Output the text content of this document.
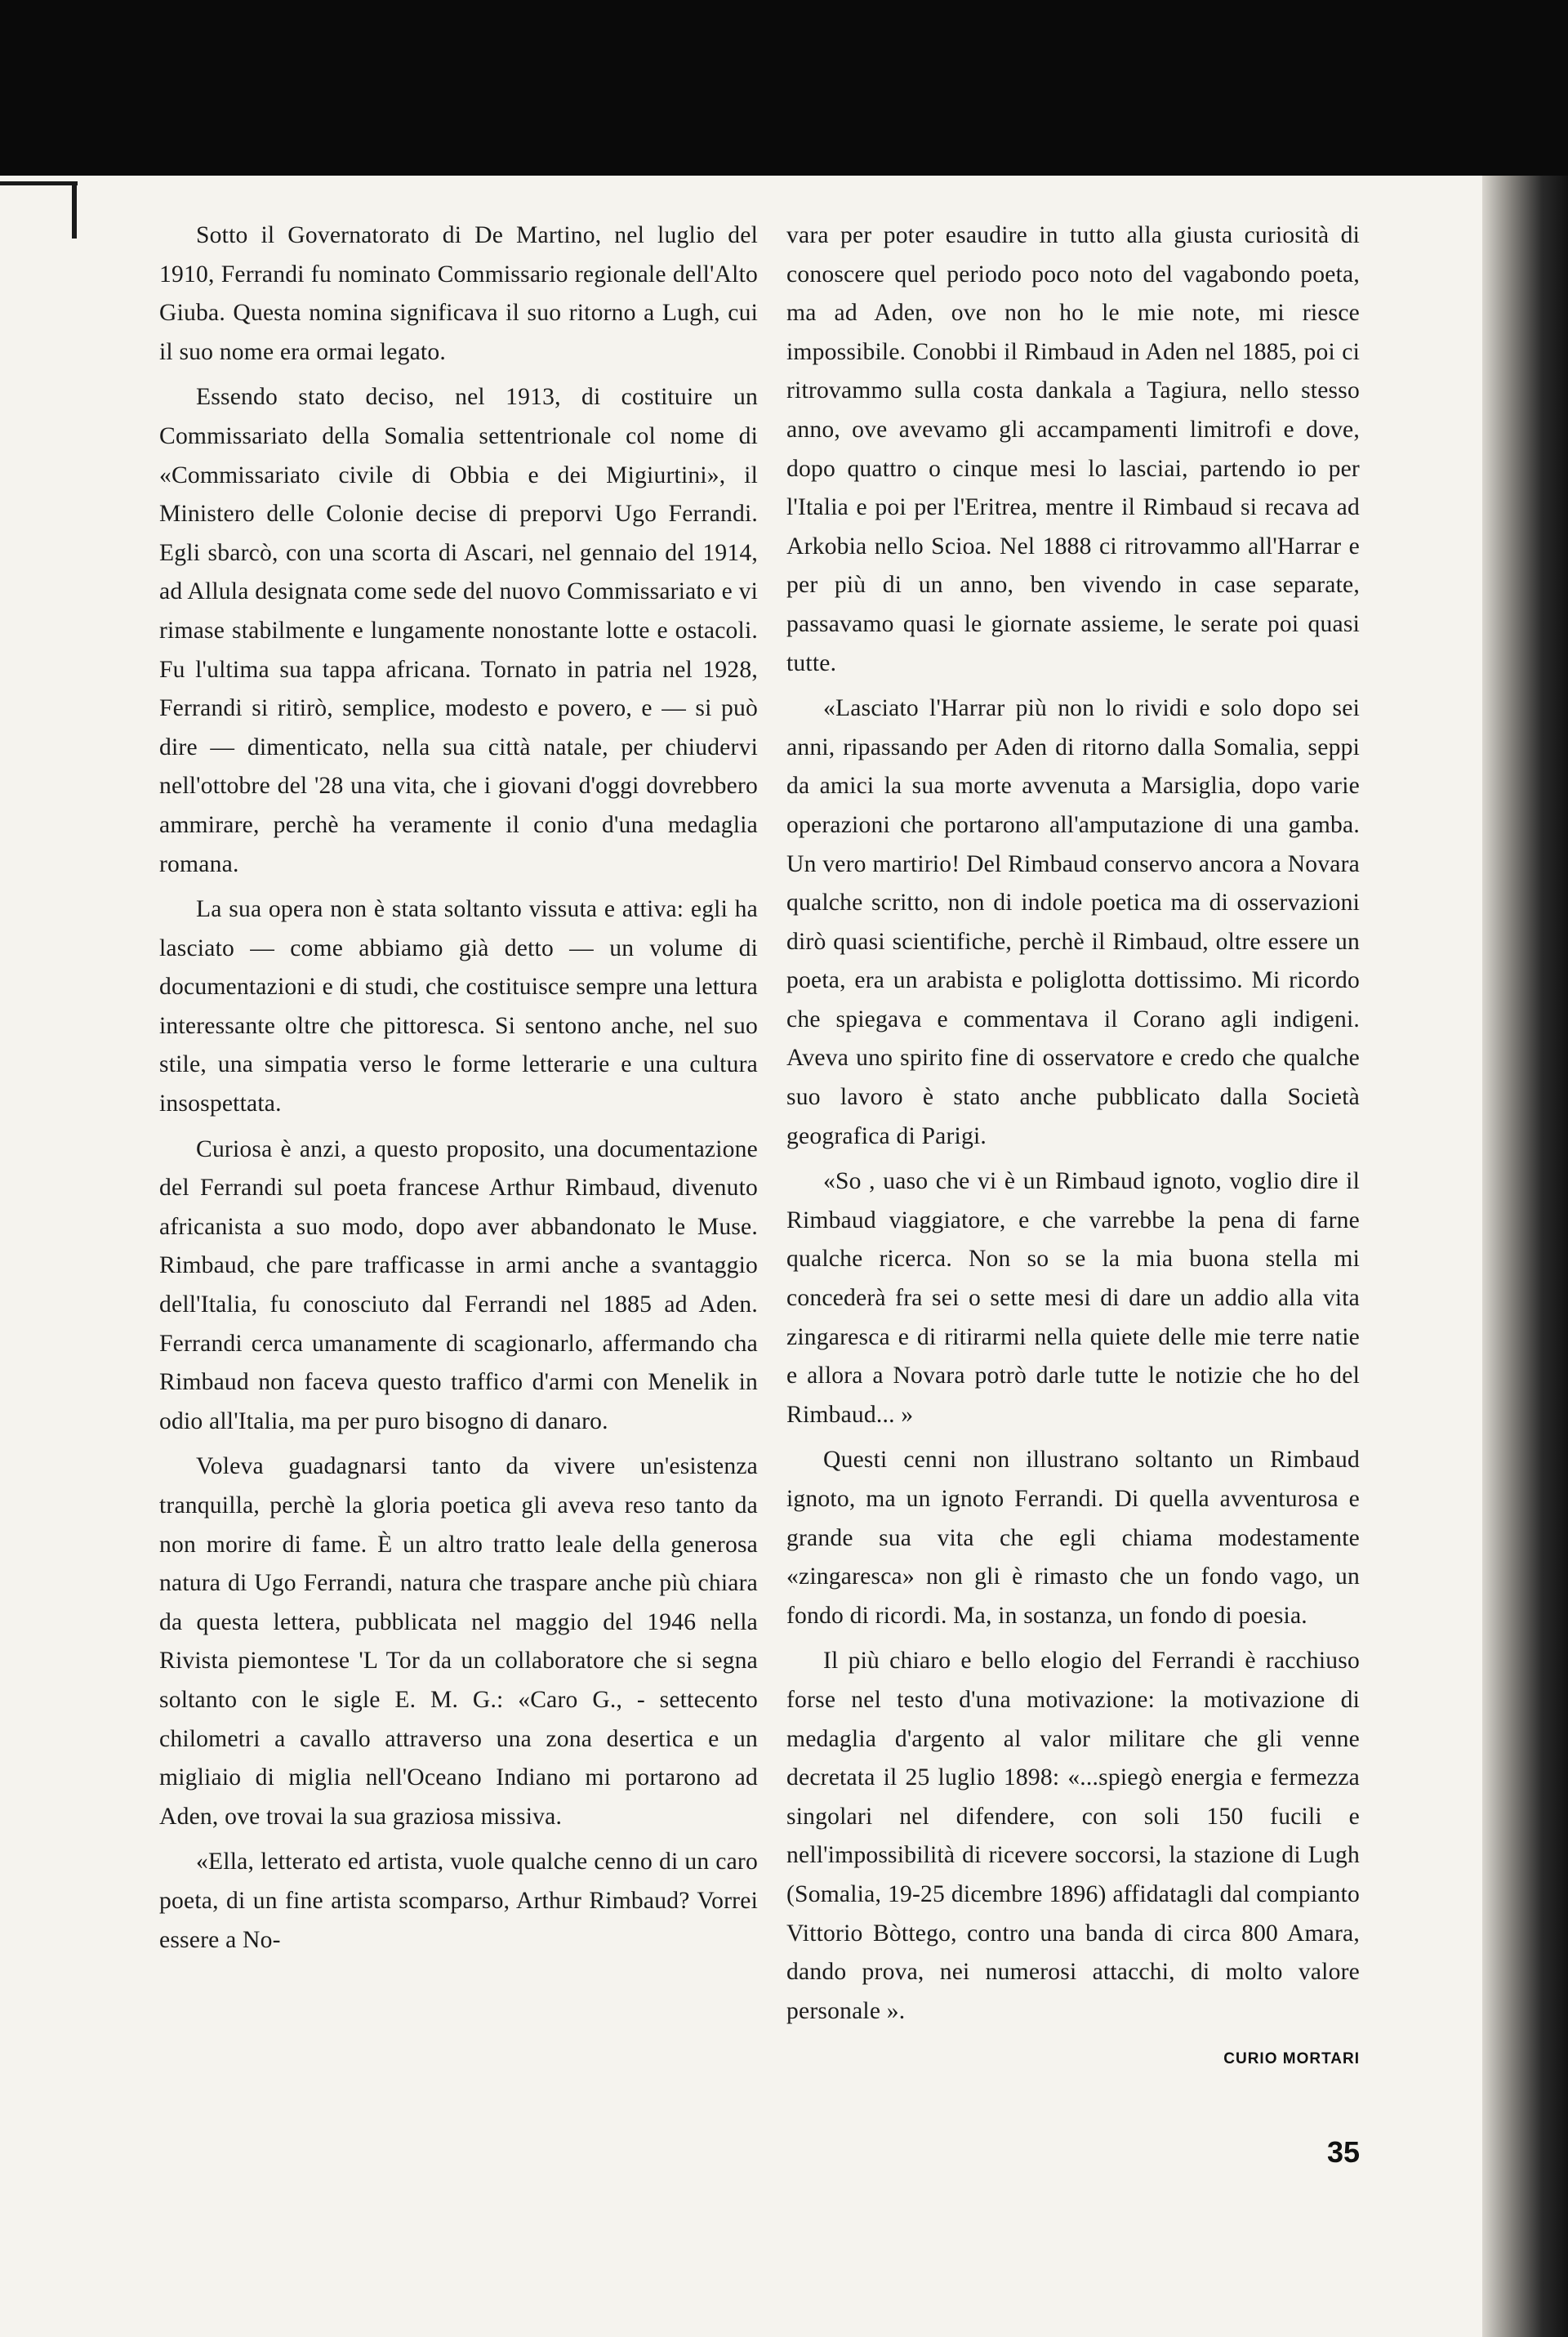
Sotto il Governatorato di De Martino, nel luglio del 1910, Ferrandi fu nominato Commissario regionale dell'Alto Giuba. Questa nomina significava il suo ritorno a Lugh, cui il suo nome era ormai legato.

Essendo stato deciso, nel 1913, di costituire un Commissariato della Somalia settentrionale col nome di «Commissariato civile di Obbia e dei Migiurtini», il Ministero delle Colonie decise di preporvi Ugo Ferrandi. Egli sbarcò, con una scorta di Ascari, nel gennaio del 1914, ad Allula designata come sede del nuovo Commissariato e vi rimase stabilmente e lungamente nonostante lotte e ostacoli. Fu l'ultima sua tappa africana. Tornato in patria nel 1928, Ferrandi si ritirò, semplice, modesto e povero, e — si può dire — dimenticato, nella sua città natale, per chiudervi nell'ottobre del '28 una vita, che i giovani d'oggi dovrebbero ammirare, perchè ha veramente il conio d'una medaglia romana.

La sua opera non è stata soltanto vissuta e attiva: egli ha lasciato — come abbiamo già detto — un volume di documentazioni e di studi, che costituisce sempre una lettura interessante oltre che pittoresca. Si sentono anche, nel suo stile, una simpatia verso le forme letterarie e una cultura insospettata.

Curiosa è anzi, a questo proposito, una documentazione del Ferrandi sul poeta francese Arthur Rimbaud, divenuto africanista a suo modo, dopo aver abbandonato le Muse. Rimbaud, che pare trafficasse in armi anche a svantaggio dell'Italia, fu conosciuto dal Ferrandi nel 1885 ad Aden. Ferrandi cerca umanamente di scagionarlo, affermando cha Rimbaud non faceva questo traffico d'armi con Menelik in odio all'Italia, ma per puro bisogno di danaro.

Voleva guadagnarsi tanto da vivere un'esistenza tranquilla, perchè la gloria poetica gli aveva reso tanto da non morire di fame. È un altro tratto leale della generosa natura di Ugo Ferrandi, natura che traspare anche più chiara da questa lettera, pubblicata nel maggio del 1946 nella Rivista piemontese 'L Tor da un collaboratore che si segna soltanto con le sigle E. M. G.: «Caro G., - settecento chilometri a cavallo attraverso una zona desertica e un migliaio di miglia nell'Oceano Indiano mi portarono ad Aden, ove trovai la sua graziosa missiva.

«Ella, letterato ed artista, vuole qualche cenno di un caro poeta, di un fine artista scomparso, Arthur Rimbaud? Vorrei essere a No-

vara per poter esaudire in tutto alla giusta curiosità di conoscere quel periodo poco noto del vagabondo poeta, ma ad Aden, ove non ho le mie note, mi riesce impossibile. Conobbi il Rimbaud in Aden nel 1885, poi ci ritrovammo sulla costa dankala a Tagiura, nello stesso anno, ove avevamo gli accampamenti limitrofi e dove, dopo quattro o cinque mesi lo lasciai, partendo io per l'Italia e poi per l'Eritrea, mentre il Rimbaud si recava ad Arkobia nello Scioa. Nel 1888 ci ritrovammo all'Harrar e per più di un anno, ben vivendo in case separate, passavamo quasi le giornate assieme, le serate poi quasi tutte.

«Lasciato l'Harrar più non lo rividi e solo dopo sei anni, ripassando per Aden di ritorno dalla Somalia, seppi da amici la sua morte avvenuta a Marsiglia, dopo varie operazioni che portarono all'amputazione di una gamba. Un vero martirio! Del Rimbaud conservo ancora a Novara qualche scritto, non di indole poetica ma di osservazioni dirò quasi scientifiche, perchè il Rimbaud, oltre essere un poeta, era un arabista e poliglotta dottissimo. Mi ricordo che spiegava e commentava il Corano agli indigeni. Aveva uno spirito fine di osservatore e credo che qualche suo lavoro è stato anche pubblicato dalla Società geografica di Parigi.

«So , uaso che vi è un Rimbaud ignoto, voglio dire il Rimbaud viaggiatore, e che varrebbe la pena di farne qualche ricerca. Non so se la mia buona stella mi concederà fra sei o sette mesi di dare un addio alla vita zingaresca e di ritirarmi nella quiete delle mie terre natie e allora a Novara potrò darle tutte le notizie che ho del Rimbaud... »

Questi cenni non illustrano soltanto un Rimbaud ignoto, ma un ignoto Ferrandi. Di quella avventurosa e grande sua vita che egli chiama modestamente «zingaresca» non gli è rimasto che un fondo vago, un fondo di ricordi. Ma, in sostanza, un fondo di poesia.

Il più chiaro e bello elogio del Ferrandi è racchiuso forse nel testo d'una motivazione: la motivazione di medaglia d'argento al valor militare che gli venne decretata il 25 luglio 1898: «...spiegò energia e fermezza singolari nel difendere, con soli 150 fucili e nell'impossibilità di ricevere soccorsi, la stazione di Lugh (Somalia, 19-25 dicembre 1896) affidatagli dal compianto Vittorio Bòttego, contro una banda di circa 800 Amara, dando prova, nei numerosi attacchi, di molto valore personale ».

CURIO MORTARI
35
